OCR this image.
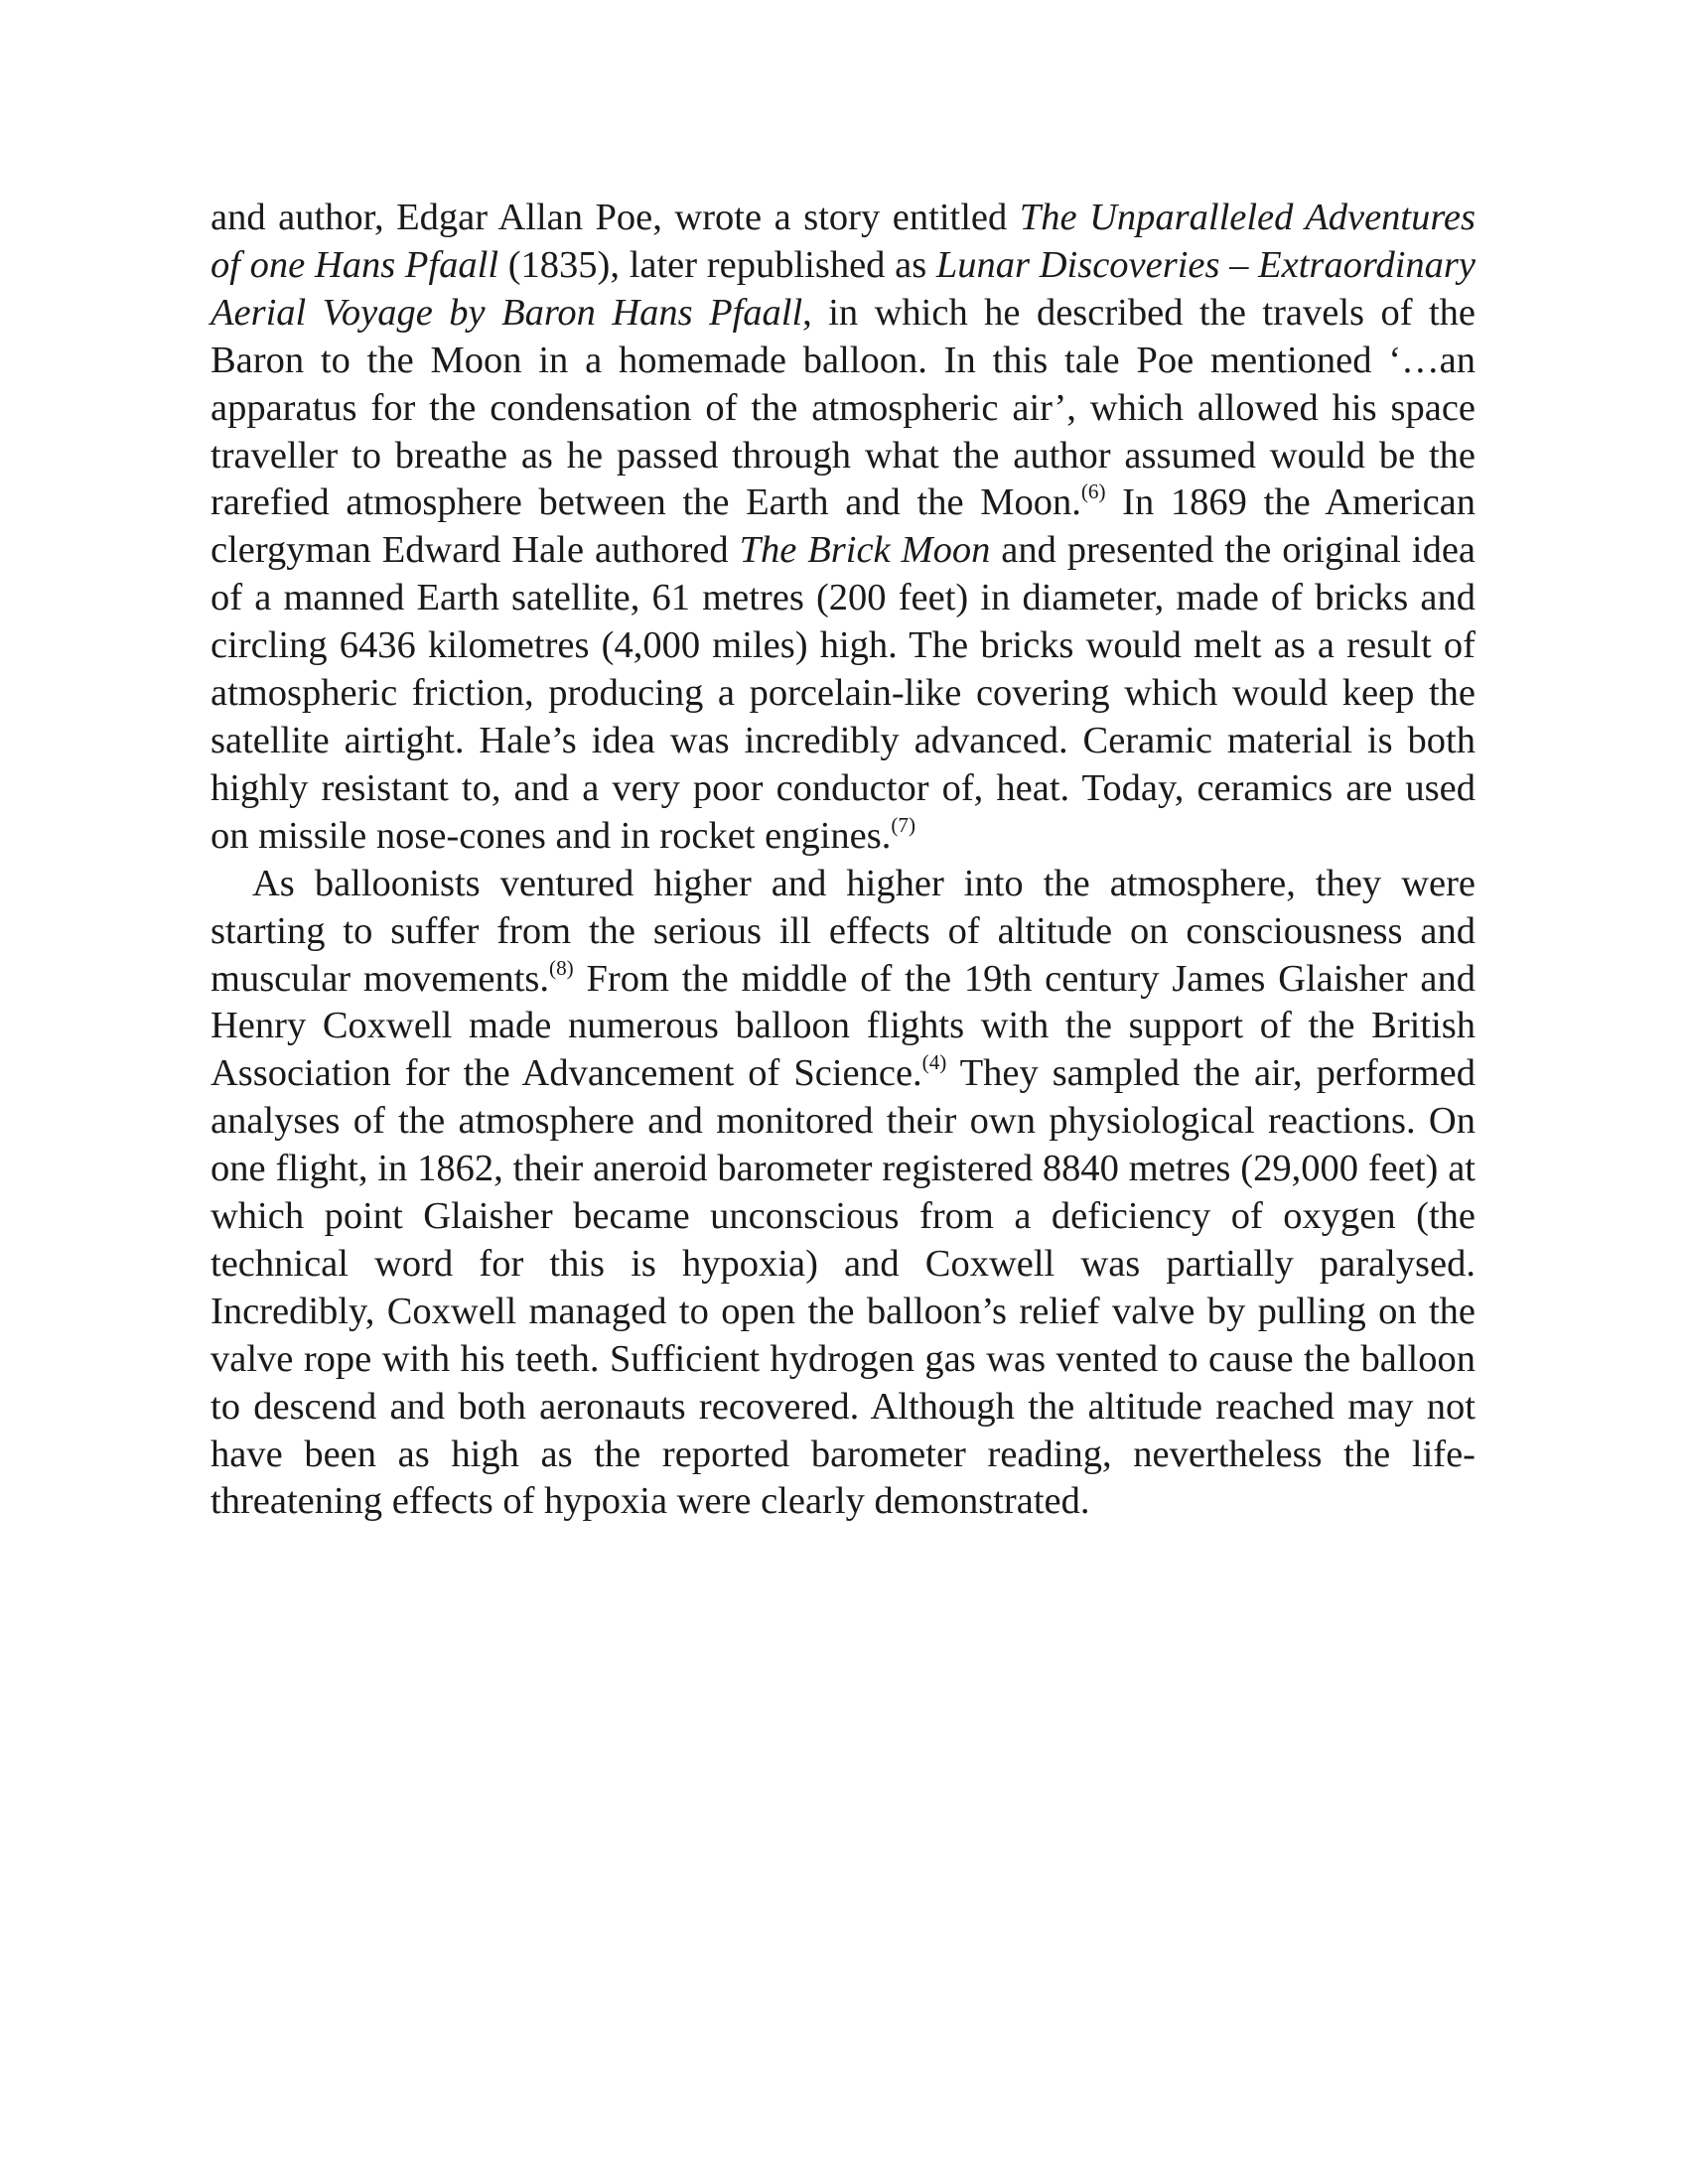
and author, Edgar Allan Poe, wrote a story entitled The Unparalleled Adventures of one Hans Pfaall (1835), later republished as Lunar Discoveries – Extraordinary Aerial Voyage by Baron Hans Pfaall, in which he described the travels of the Baron to the Moon in a homemade balloon. In this tale Poe mentioned ‘…an apparatus for the condensation of the atmospheric air’, which allowed his space traveller to breathe as he passed through what the author assumed would be the rarefied atmosphere between the Earth and the Moon.$^{(6)}$ In 1869 the American clergyman Edward Hale authored The Brick Moon and presented the original idea of a manned Earth satellite, 61 metres (200 feet) in diameter, made of bricks and circling 6436 kilometres (4,000 miles) high. The bricks would melt as a result of atmospheric friction, producing a porcelain-like covering which would keep the satellite airtight. Hale’s idea was incredibly advanced. Ceramic material is both highly resistant to, and a very poor conductor of, heat. Today, ceramics are used on missile nose-cones and in rocket engines.$^{(7)}$

As balloonists ventured higher and higher into the atmosphere, they were starting to suffer from the serious ill effects of altitude on consciousness and muscular movements.$^{(8)}$ From the middle of the 19th century James Glaisher and Henry Coxwell made numerous balloon flights with the support of the British Association for the Advancement of Science.$^{(4)}$ They sampled the air, performed analyses of the atmosphere and monitored their own physiological reactions. On one flight, in 1862, their aneroid barometer registered 8840 metres (29,000 feet) at which point Glaisher became unconscious from a deficiency of oxygen (the technical word for this is hypoxia) and Coxwell was partially paralysed. Incredibly, Coxwell managed to open the balloon’s relief valve by pulling on the valve rope with his teeth. Sufficient hydrogen gas was vented to cause the balloon to descend and both aeronauts recovered. Although the altitude reached may not have been as high as the reported barometer reading, nevertheless the life-threatening effects of hypoxia were clearly demonstrated.
